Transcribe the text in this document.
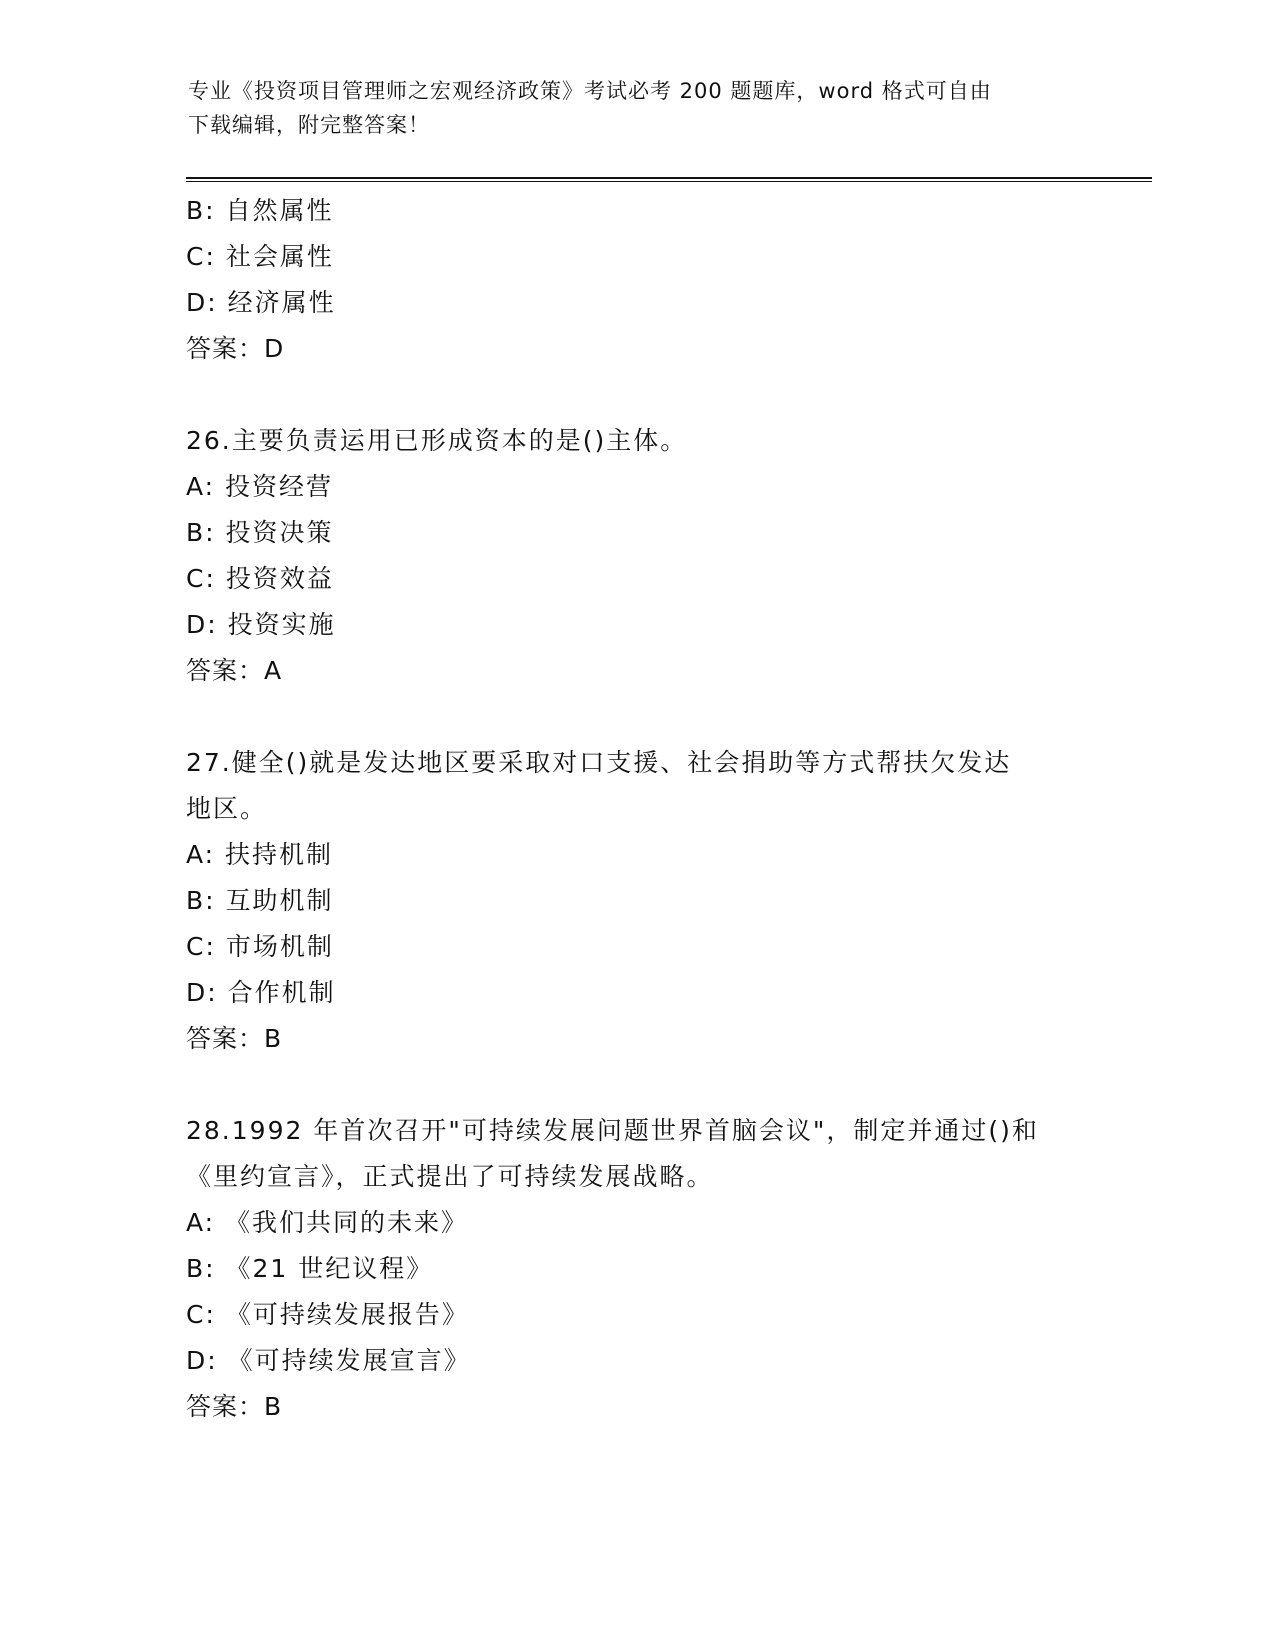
专业《投资项目管理师之宏观经济政策》考试必考 200 题题库，word 格式可自由
下载编辑，附完整答案！
B: 自然属性
C: 社会属性
D: 经济属性
答案：D
26.主要负责运用已形成资本的是()主体。
A: 投资经营
B: 投资决策
C: 投资效益
D: 投资实施
答案：A
27.健全()就是发达地区要采取对口支援、社会捐助等方式帮扶欠发达
地区。
A: 扶持机制
B: 互助机制
C: 市场机制
D: 合作机制
答案：B
28.1992 年首次召开"可持续发展问题世界首脑会议"，制定并通过()和
《里约宣言》，正式提出了可持续发展战略。
A: 《我们共同的未来》
B: 《21 世纪议程》
C: 《可持续发展报告》
D: 《可持续发展宣言》
答案：B
